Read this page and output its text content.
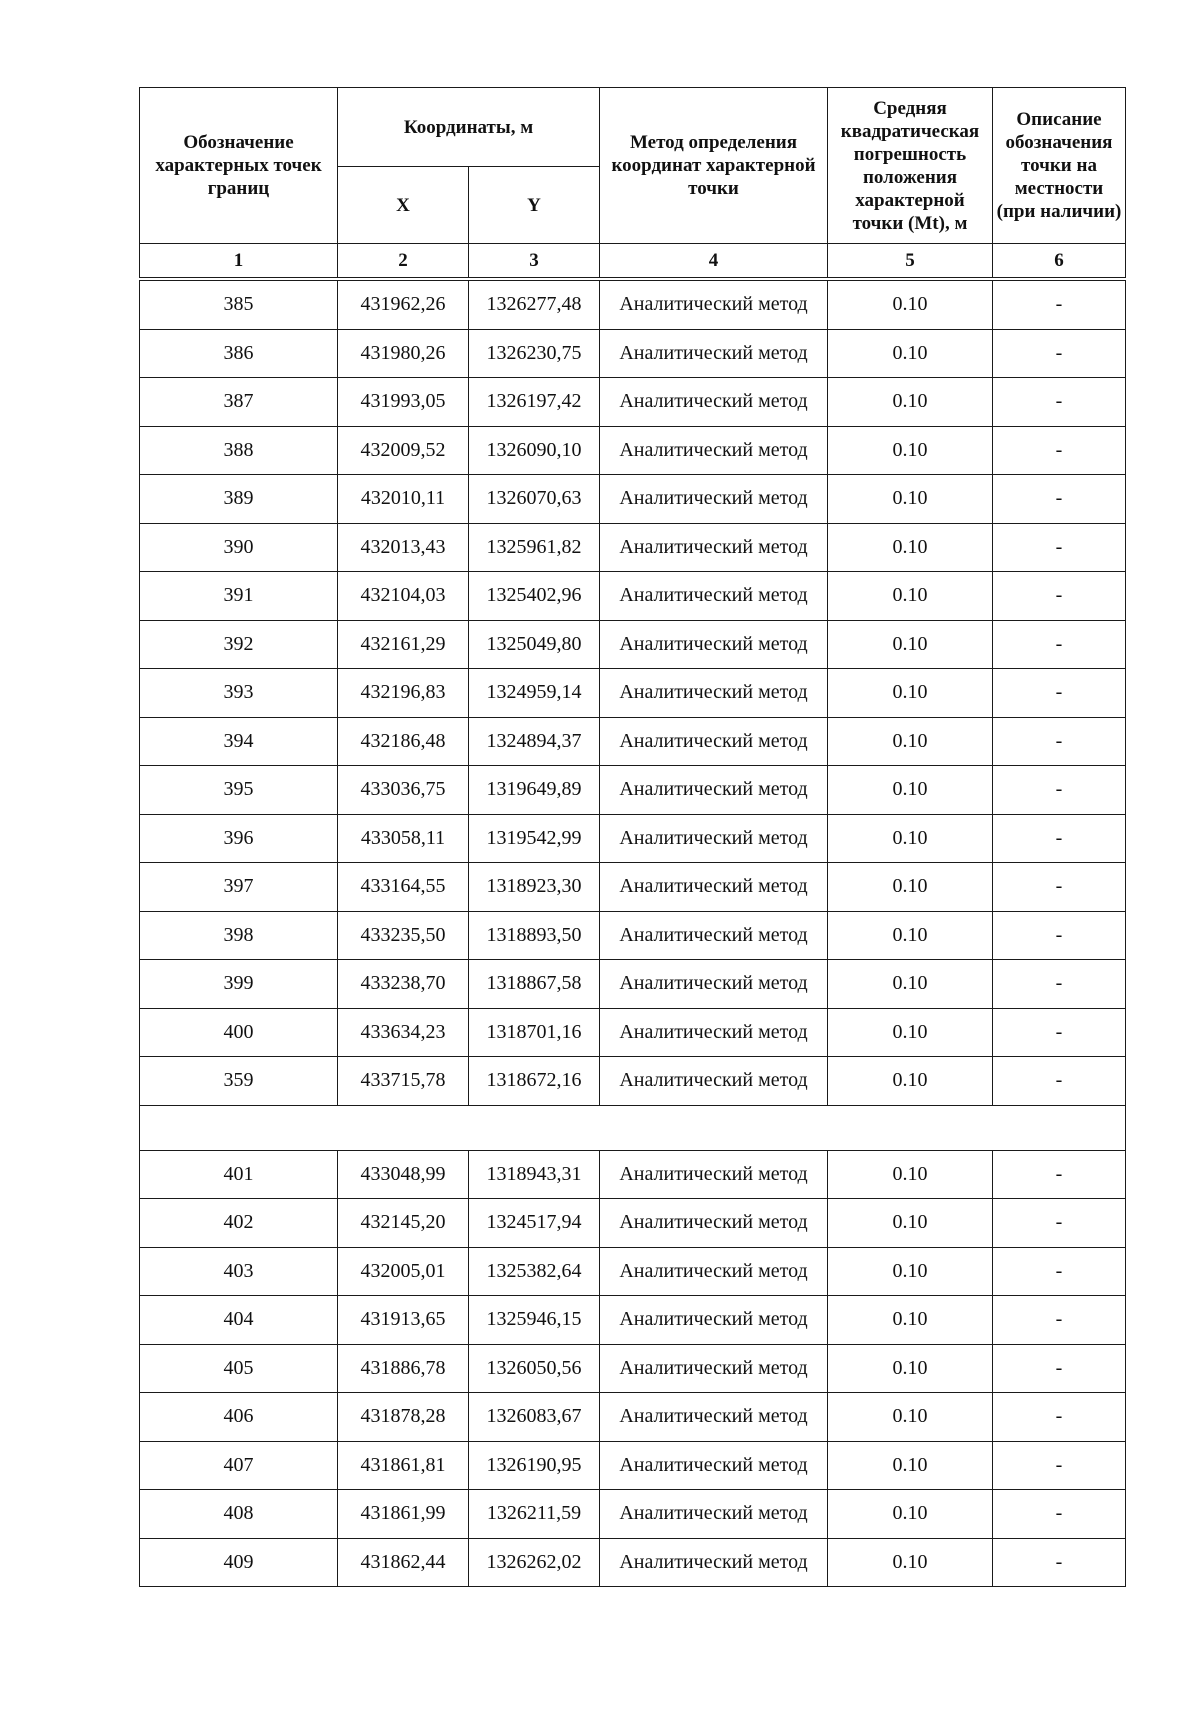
Обозначение характерных точек границ	Координаты, м		Метод определения координат характерной точки	Средняя квадратическая погрешность положения характерной точки (Mt), м	Описание обозначения точки на местности (при наличии)
	X	Y			
1	2	3	4	5	6
385	431962,26	1326277,48	Аналитический метод	0.10	-
386	431980,26	1326230,75	Аналитический метод	0.10	-
387	431993,05	1326197,42	Аналитический метод	0.10	-
388	432009,52	1326090,10	Аналитический метод	0.10	-
389	432010,11	1326070,63	Аналитический метод	0.10	-
390	432013,43	1325961,82	Аналитический метод	0.10	-
391	432104,03	1325402,96	Аналитический метод	0.10	-
392	432161,29	1325049,80	Аналитический метод	0.10	-
393	432196,83	1324959,14	Аналитический метод	0.10	-
394	432186,48	1324894,37	Аналитический метод	0.10	-
395	433036,75	1319649,89	Аналитический метод	0.10	-
396	433058,11	1319542,99	Аналитический метод	0.10	-
397	433164,55	1318923,30	Аналитический метод	0.10	-
398	433235,50	1318893,50	Аналитический метод	0.10	-
399	433238,70	1318867,58	Аналитический метод	0.10	-
400	433634,23	1318701,16	Аналитический метод	0.10	-
359	433715,78	1318672,16	Аналитический метод	0.10	-

401	433048,99	1318943,31	Аналитический метод	0.10	-
402	432145,20	1324517,94	Аналитический метод	0.10	-
403	432005,01	1325382,64	Аналитический метод	0.10	-
404	431913,65	1325946,15	Аналитический метод	0.10	-
405	431886,78	1326050,56	Аналитический метод	0.10	-
406	431878,28	1326083,67	Аналитический метод	0.10	-
407	431861,81	1326190,95	Аналитический метод	0.10	-
408	431861,99	1326211,59	Аналитический метод	0.10	-
409	431862,44	1326262,02	Аналитический метод	0.10	-
